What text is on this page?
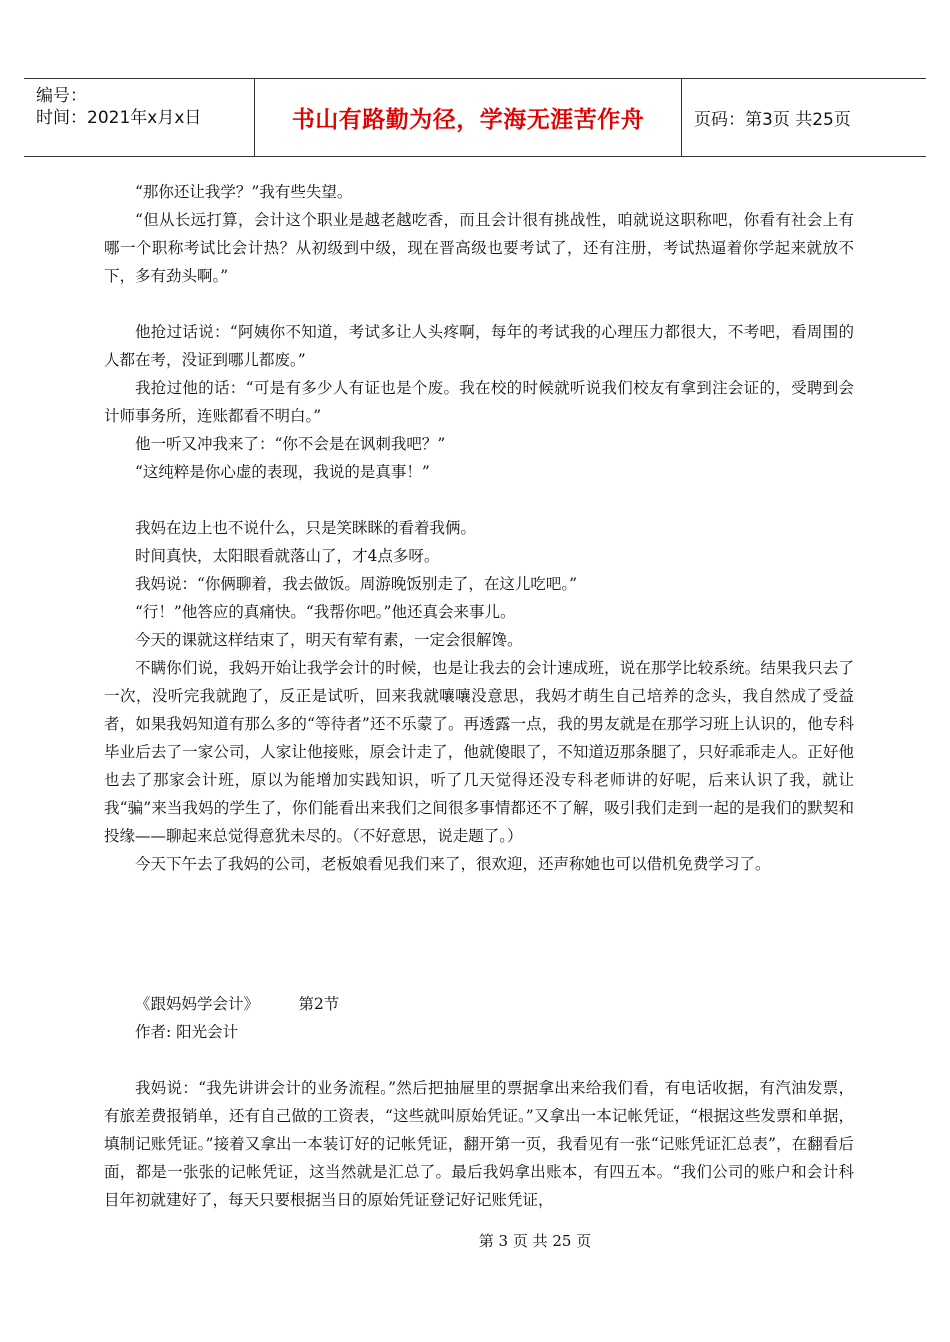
编号：
时间：2021年x月x日	书山有路勤为径，学海无涯苦作舟	页码：第3页 共25页

“那你还让我学？”我有些失望。

“但从长远打算，会计这个职业是越老越吃香，而且会计很有挑战性，咱就说这职称吧，你看有社会上有哪一个职称考试比会计热？从初级到中级，现在晋高级也要考试了，还有注册，考试热逼着你学起来就放不下，多有劲头啊。”

他抢过话说：“阿姨你不知道，考试多让人头疼啊，每年的考试我的心理压力都很大，不考吧，看周围的人都在考，没证到哪儿都废。”

我抢过他的话：“可是有多少人有证也是个废。我在校的时候就听说我们校友有拿到注会证的，受聘到会计师事务所，连账都看不明白。”

他一听又冲我来了：“你不会是在讽刺我吧？”

“这纯粹是你心虚的表现，我说的是真事！”

我妈在边上也不说什么，只是笑眯眯的看着我俩。

时间真快，太阳眼看就落山了，才4点多呀。

我妈说：“你俩聊着，我去做饭。周游晚饭别走了，在这儿吃吧。”

“行！”他答应的真痛快。“我帮你吧。”他还真会来事儿。

今天的课就这样结束了，明天有荤有素，一定会很解馋。

不瞒你们说，我妈开始让我学会计的时候，也是让我去的会计速成班，说在那学比较系统。结果我只去了一次，没听完我就跑了，反正是试听，回来我就嚷嚷没意思，我妈才萌生自己培养的念头，我自然成了受益者，如果我妈知道有那么多的“等待者”还不乐蒙了。再透露一点，我的男友就是在那学习班上认识的，他专科毕业后去了一家公司，人家让他接账，原会计走了，他就傻眼了，不知道迈那条腿了，只好乖乖走人。正好他也去了那家会计班，原以为能增加实践知识，听了几天觉得还没专科老师讲的好呢，后来认识了我，就让我“骗”来当我妈的学生了，你们能看出来我们之间很多事情都还不了解，吸引我们走到一起的是我们的默契和投缘——聊起来总觉得意犹未尽的。（不好意思，说走题了。）

今天下午去了我妈的公司，老板娘看见我们来了，很欢迎，还声称她也可以借机免费学习了。

《跟妈妈学会计》	第2节

作者: 阳光会计

我妈说：“我先讲讲会计的业务流程。”然后把抽屉里的票据拿出来给我们看，有电话收据，有汽油发票，有旅差费报销单，还有自己做的工资表，“这些就叫原始凭证。”又拿出一本记帐凭证，“根据这些发票和单据，填制记账凭证。”接着又拿出一本装订好的记帐凭证，翻开第一页，我看见有一张“记账凭证汇总表”，在翻看后面，都是一张张的记帐凭证，这当然就是汇总了。最后我妈拿出账本，有四五本。“我们公司的账户和会计科目年初就建好了，每天只要根据当日的原始凭证登记好记账凭证，

第 3 页 共 25 页
